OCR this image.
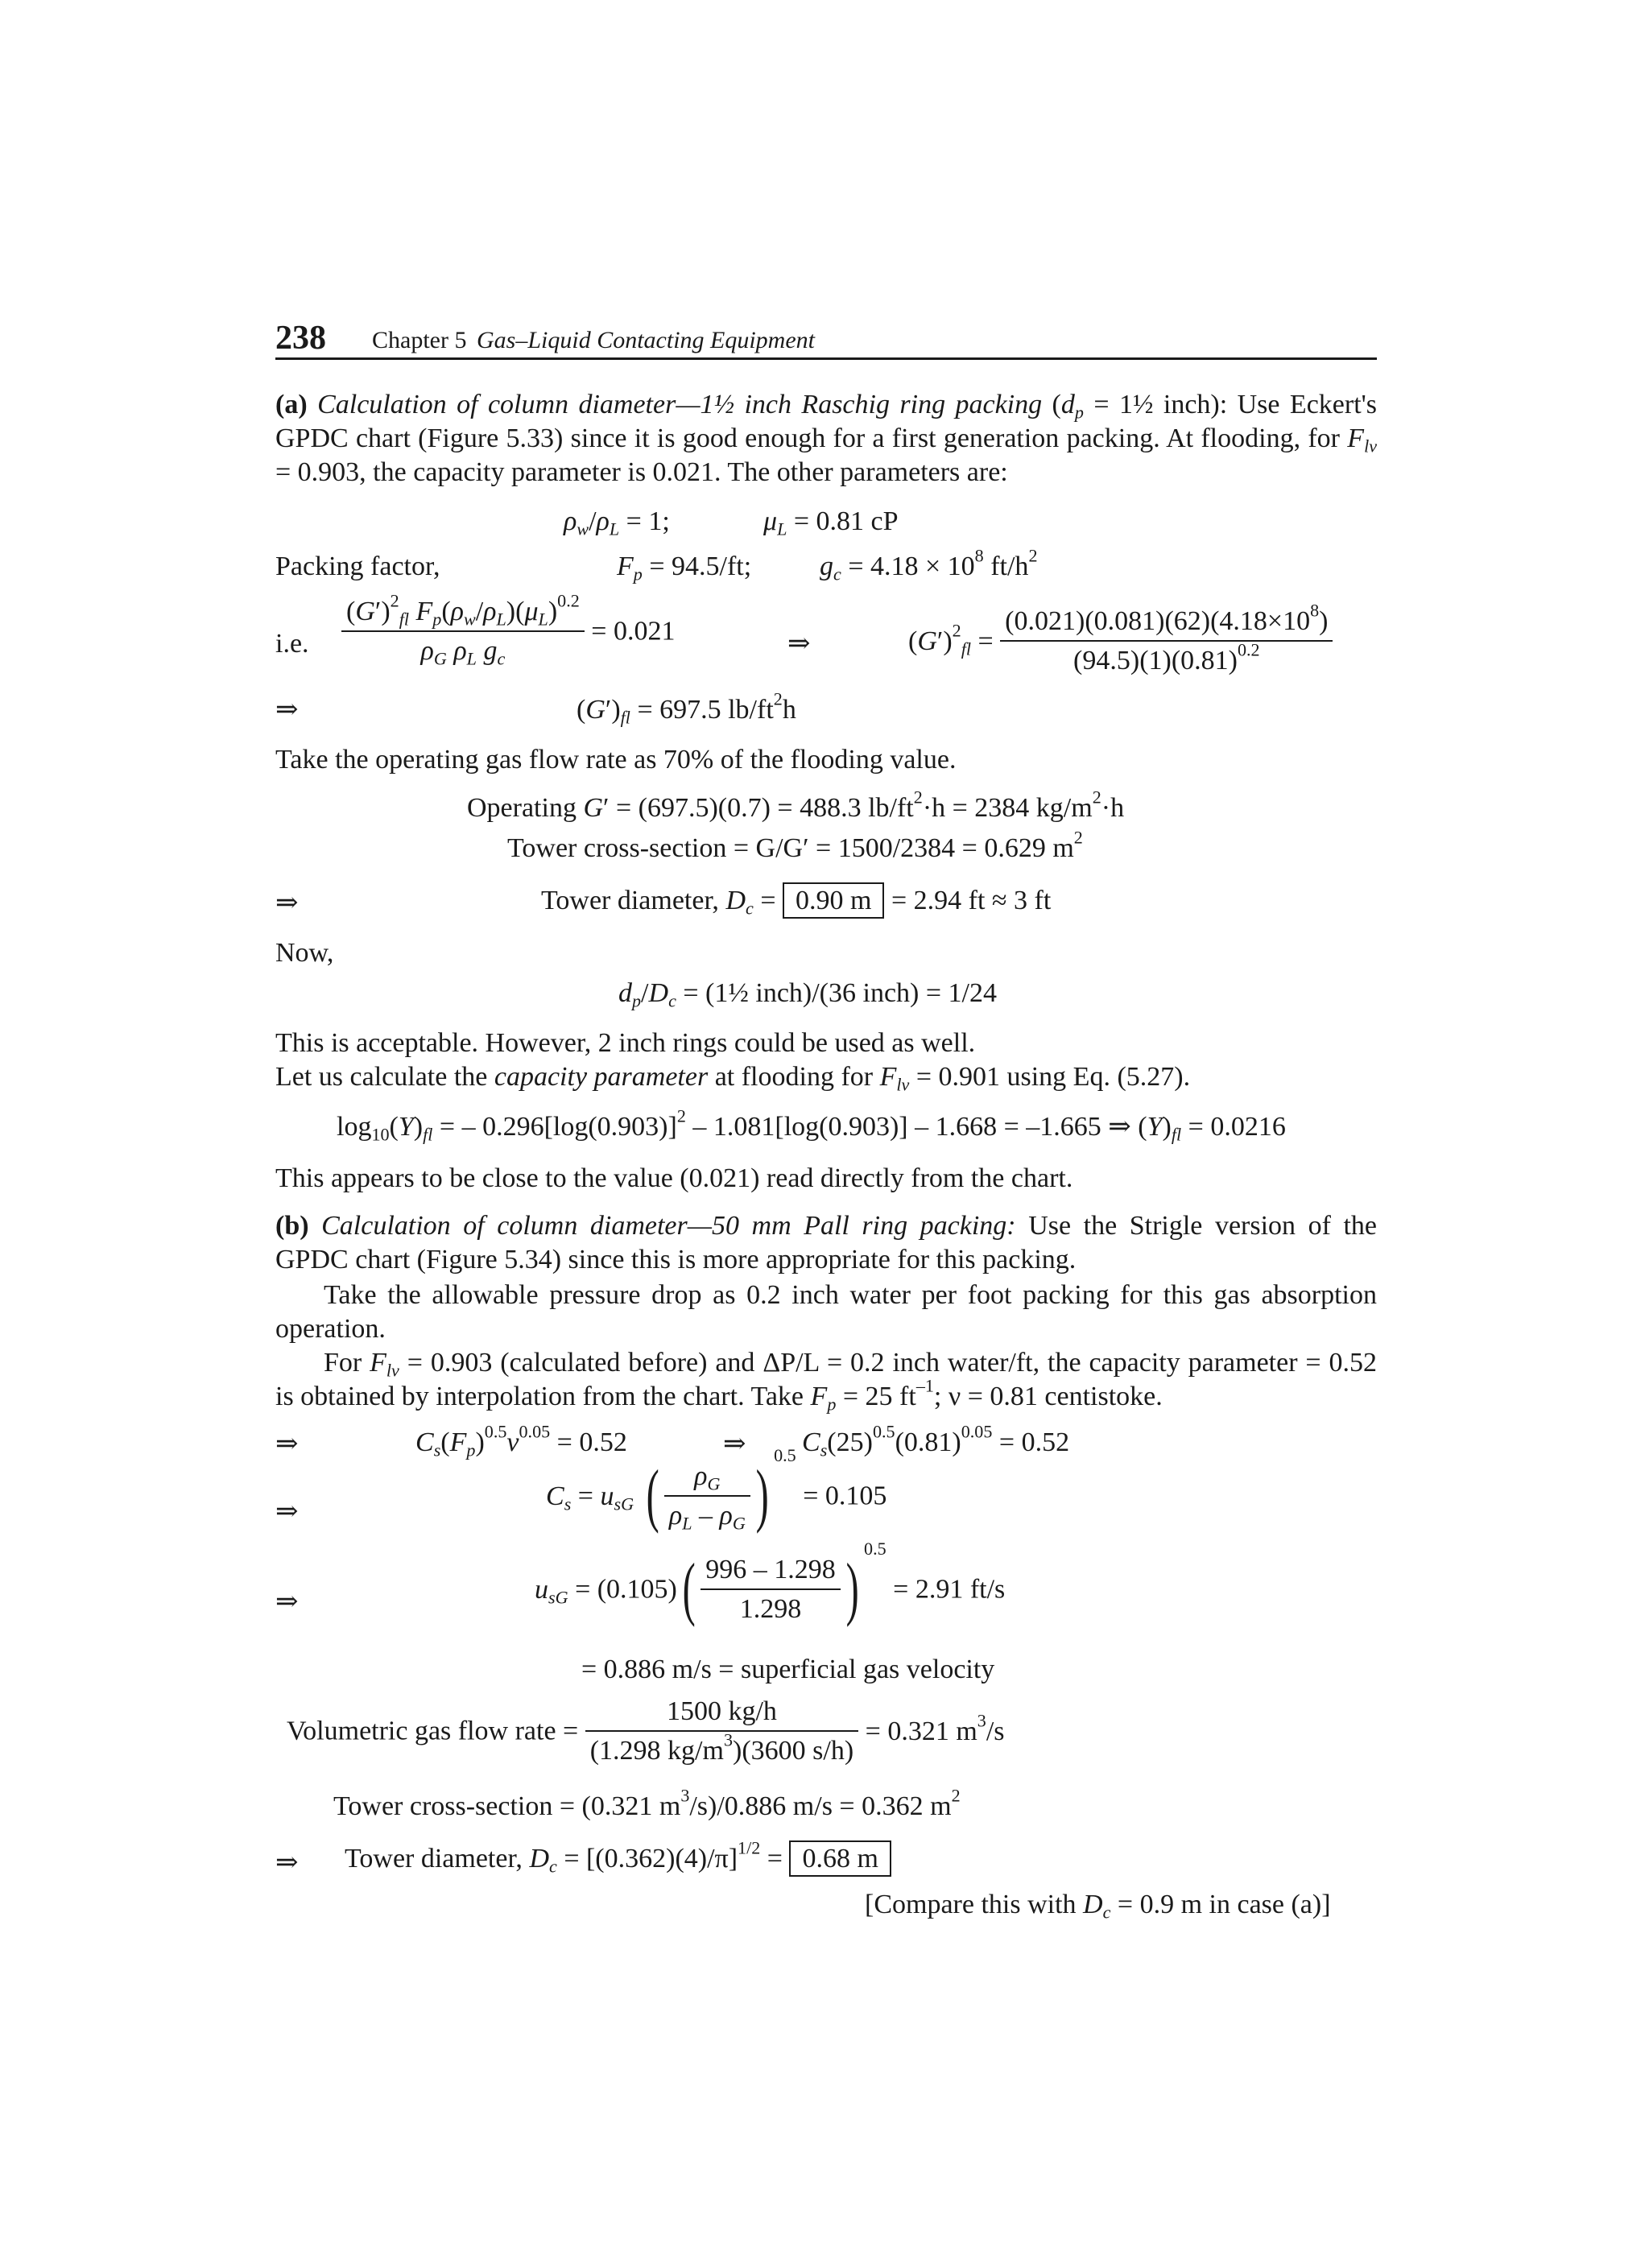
238 Chapter 5 Gas–Liquid Contacting Equipment
(a) Calculation of column diameter—1½ inch Raschig ring packing ($d_p$ = 1½ inch): Use Eckert's GPDC chart (Figure 5.33) since it is good enough for a first generation packing. At flooding, for $F_{lv} = 0.903$, the capacity parameter is 0.021. The other parameters are:
$\rho_w/\rho_L = 1$;	$\mu_L = 0.81$ cP
Packing factor,	$F_p = 94.5/ft$; $g_c = 4.18 \times 10^8$ $ft/h^2$
i.e. $\frac{(G')^2_{fl} F_p(\rho_w/\rho_L)(\mu_L)^{0.2}}{\rho_G \rho_L g_c} = 0.021$	⇒	$(G')^2_{fl} = \frac{(0.021)(0.081)(62)(4.18\times 10^8)}{(94.5)(1)(0.81)^{0.2}}$
⇒	$(G')_{fl} = 697.5$ $lb/ft^2h$
Take the operating gas flow rate as 70% of the flooding value.
Operating G′ = (697.5)(0.7) = 488.3 $lb/ft^2\cdot h = 2384$ $kg/m^2\cdot h$
Tower cross-section = G/G′ = 1500/2384 = 0.629 $m^2$
⇒	Tower diameter, $D_c = 0.90$ m = 2.94 ft ≈ 3 ft
Now,
$d_p/D_c$ = (1½ inch)/(36 inch) = 1/24
This is acceptable. However, 2 inch rings could be used as well.
Let us calculate the capacity parameter at flooding for $F_{lv} = 0.901$ using Eq. (5.27).
$\log_{10}(Y)_{fl}$ = – $0.296[\log(0.903)]^2 - 1.081[\log(0.903)] - 1.668 = -1.665$ ⇒ $(Y)_{fl} = 0.0216$
This appears to be close to the value (0.021) read directly from the chart.
(b) Calculation of column diameter—50 mm Pall ring packing: Use the Strigle version of the GPDC chart (Figure 5.34) since this is more appropriate for this packing.
Take the allowable pressure drop as 0.2 inch water per foot packing for this gas absorption operation.
For $F_{lv} = 0.903$ (calculated before) and ΔP/L = 0.2 inch water/ft, the capacity parameter = 0.52 is obtained by interpolation from the chart. Take $F_p = 25$ $ft^{-1}$; ν = 0.81 centistoke.
⇒	$C_s(F_p)^{0.5}\nu^{0.05} = 0.52$	⇒ $C_s(25)^{0.5}(0.81)^{0.05} = 0.52$
⇒
$C_s = u_{sG}$ ( $\frac{\rho_G}{\rho_L - \rho_G} )^{0.5} = 0.105$
⇒	$u_{sG} = (0.105)( \frac{996 - 1.298}{1.298} )^{0.5} = 2.91$ ft/s
= 0.886 m/s = superficial gas velocity
Volumetric gas flow rate = $\frac{1500 kg/h}{(1.298 kg/m^3)(3600 s/h)} = 0.321$ $m^3/s$
Tower cross-section = (0.321 $m^3/s)/0.886$ m/s = 0.362 $m^2$
⇒ Tower diameter, $D_c = [(0.362)(4)/\pi]^{1/2} = 0.68$ m
[Compare this with $D_c = 0.9$ m in case (a)]
